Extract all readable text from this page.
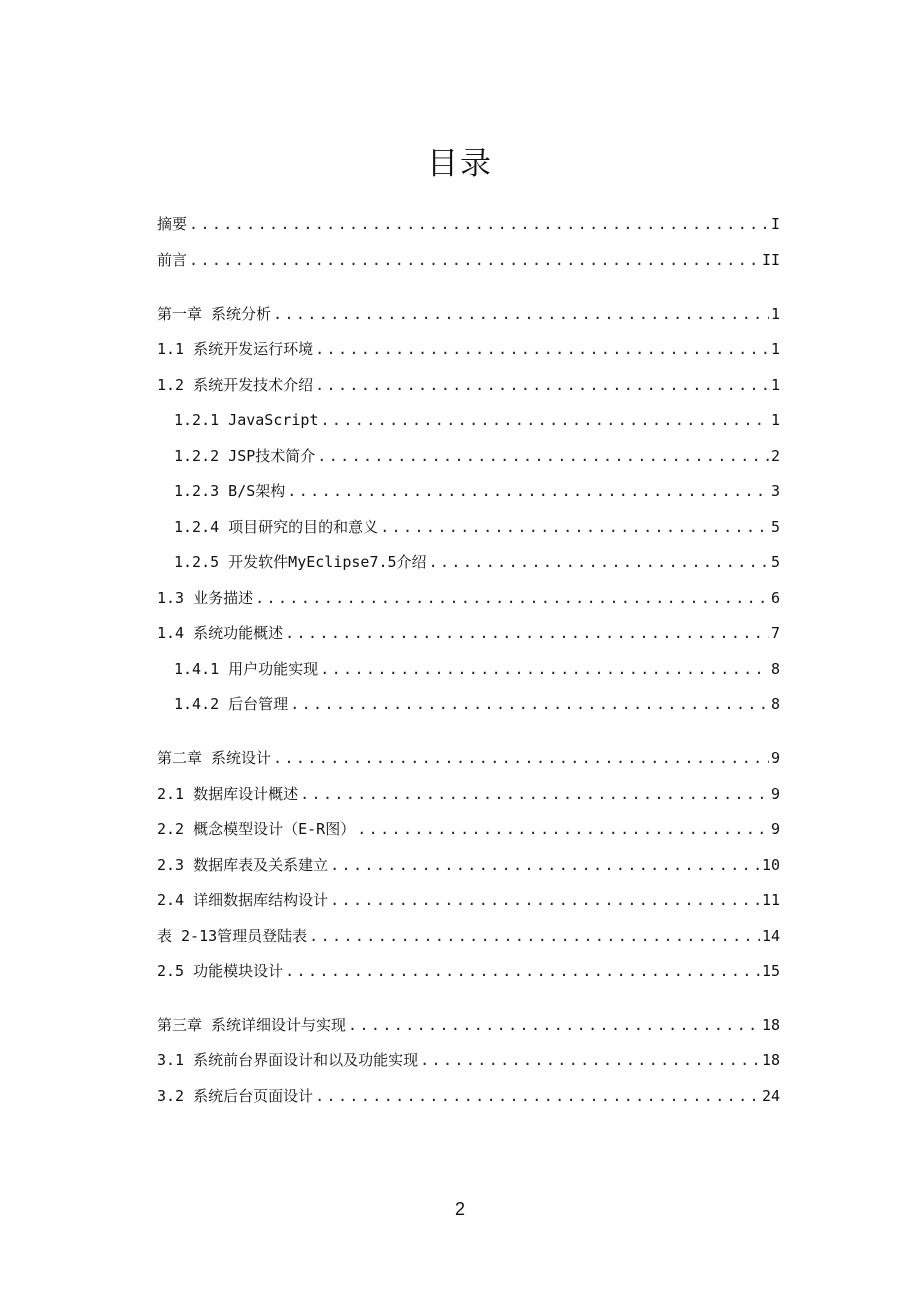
目录
摘要 .....	I
前言 .....	II
第一章 系统分析 .....	1
1.1 系统开发运行环境 .....	1
1.2 系统开发技术介绍 .....	1
1.2.1 JavaScript .....	1
1.2.2 JSP技术简介 .....	2
1.2.3 B/S架构 .....	3
1.2.4 项目研究的目的和意义 .....	5
1.2.5 开发软件MyEclipse7.5介绍 .....	5
1.3 业务描述 .....	6
1.4 系统功能概述 .....	7
1.4.1 用户功能实现 .....	8
1.4.2 后台管理 .....	8
第二章 系统设计 .....	9
2.1 数据库设计概述 .....	9
2.2 概念模型设计（E-R图） .....	9
2.3 数据库表及关系建立 .....	10
2.4 详细数据库结构设计 .....	11
表 2-13管理员登陆表 .....	14
2.5 功能模块设计 .....	15
第三章 系统详细设计与实现 .....	18
3.1 系统前台界面设计和以及功能实现 .....	18
3.2 系统后台页面设计 .....	24
2
